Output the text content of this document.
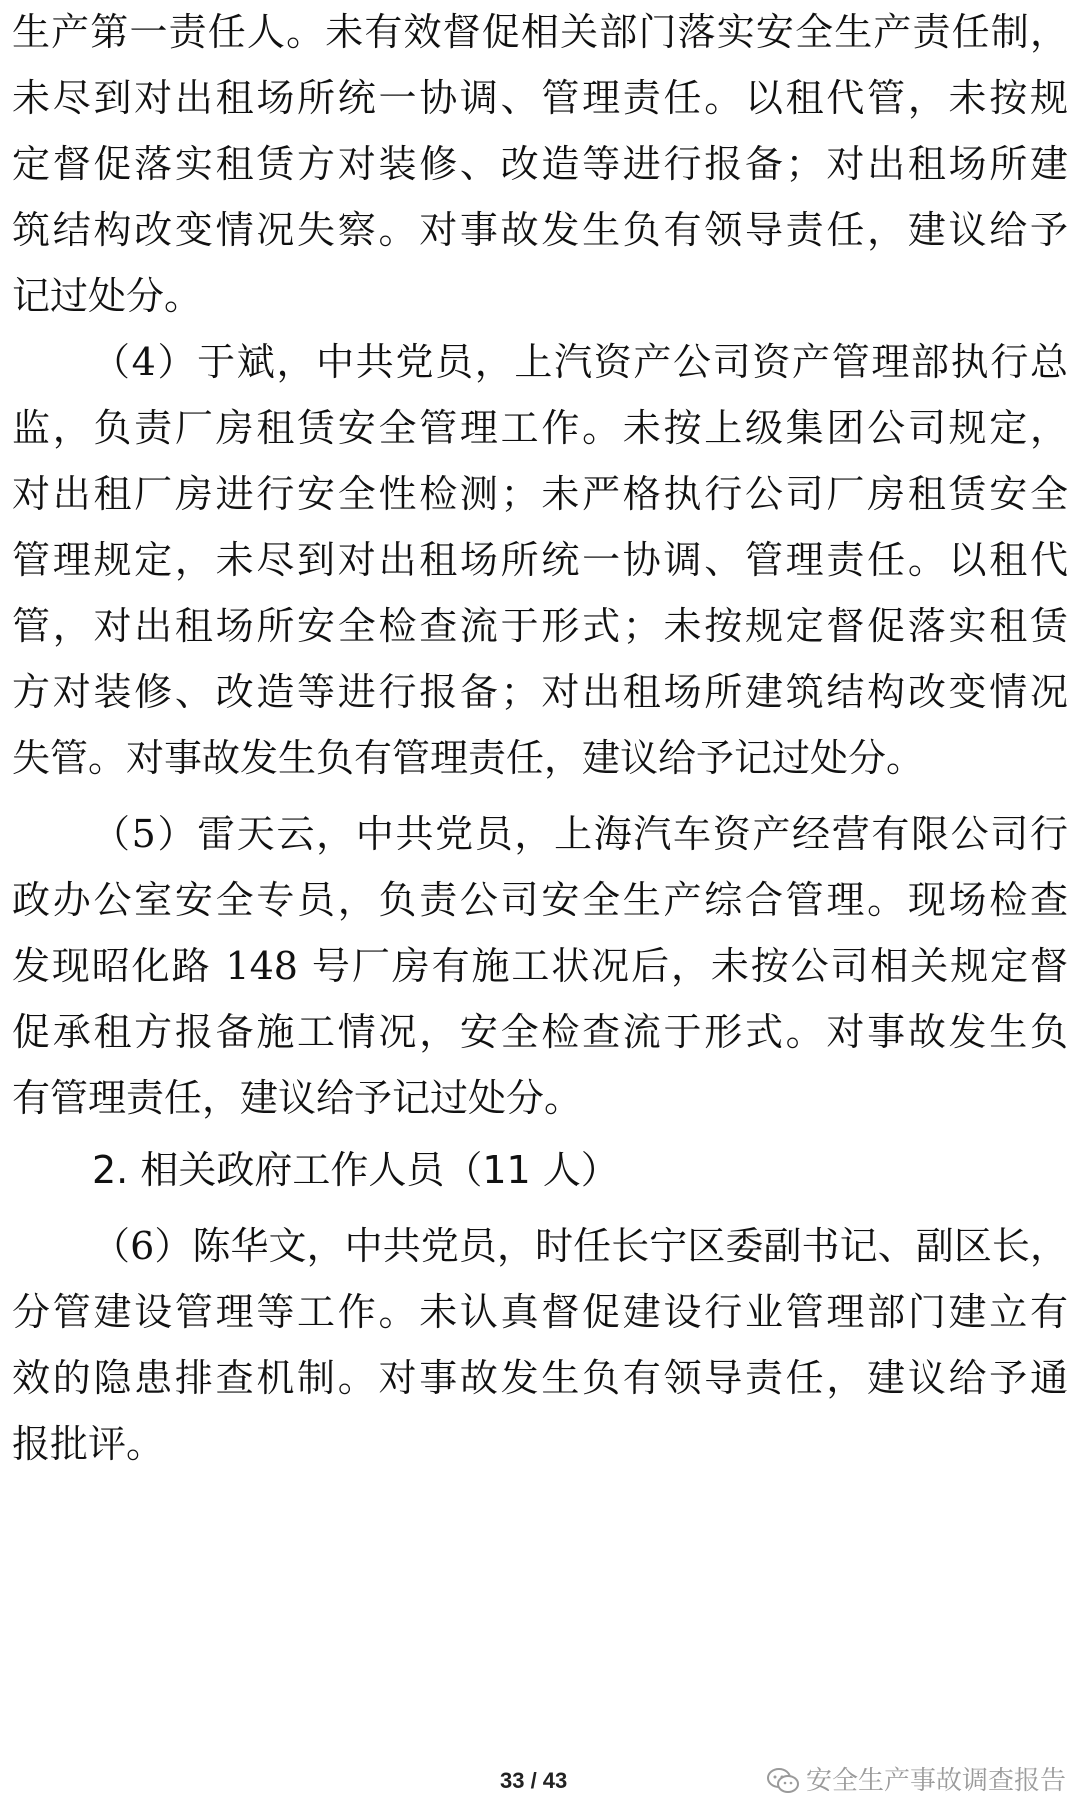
生产第一责任人。未有效督促相关部门落实安全生产责任制，
未尽到对出租场所统一协调、管理责任。以租代管，未按规
定督促落实租赁方对装修、改造等进行报备；对出租场所建
筑结构改变情况失察。对事故发生负有领导责任，建议给予
记过处分。
（4）于斌，中共党员，上汽资产公司资产管理部执行总
监，负责厂房租赁安全管理工作。未按上级集团公司规定，
对出租厂房进行安全性检测；未严格执行公司厂房租赁安全
管理规定，未尽到对出租场所统一协调、管理责任。以租代
管，对出租场所安全检查流于形式；未按规定督促落实租赁
方对装修、改造等进行报备；对出租场所建筑结构改变情况
失管。对事故发生负有管理责任，建议给予记过处分。
（5）雷天云，中共党员，上海汽车资产经营有限公司行
政办公室安全专员，负责公司安全生产综合管理。现场检查
发现昭化路 148 号厂房有施工状况后，未按公司相关规定督
促承租方报备施工情况，安全检查流于形式。对事故发生负
有管理责任，建议给予记过处分。
2. 相关政府工作人员（11 人）
（6）陈华文，中共党员，时任长宁区委副书记、副区长，
分管建设管理等工作。未认真督促建设行业管理部门建立有
效的隐患排查机制。对事故发生负有领导责任，建议给予通
报批评。
33 / 43	安全生产事故调查报告
